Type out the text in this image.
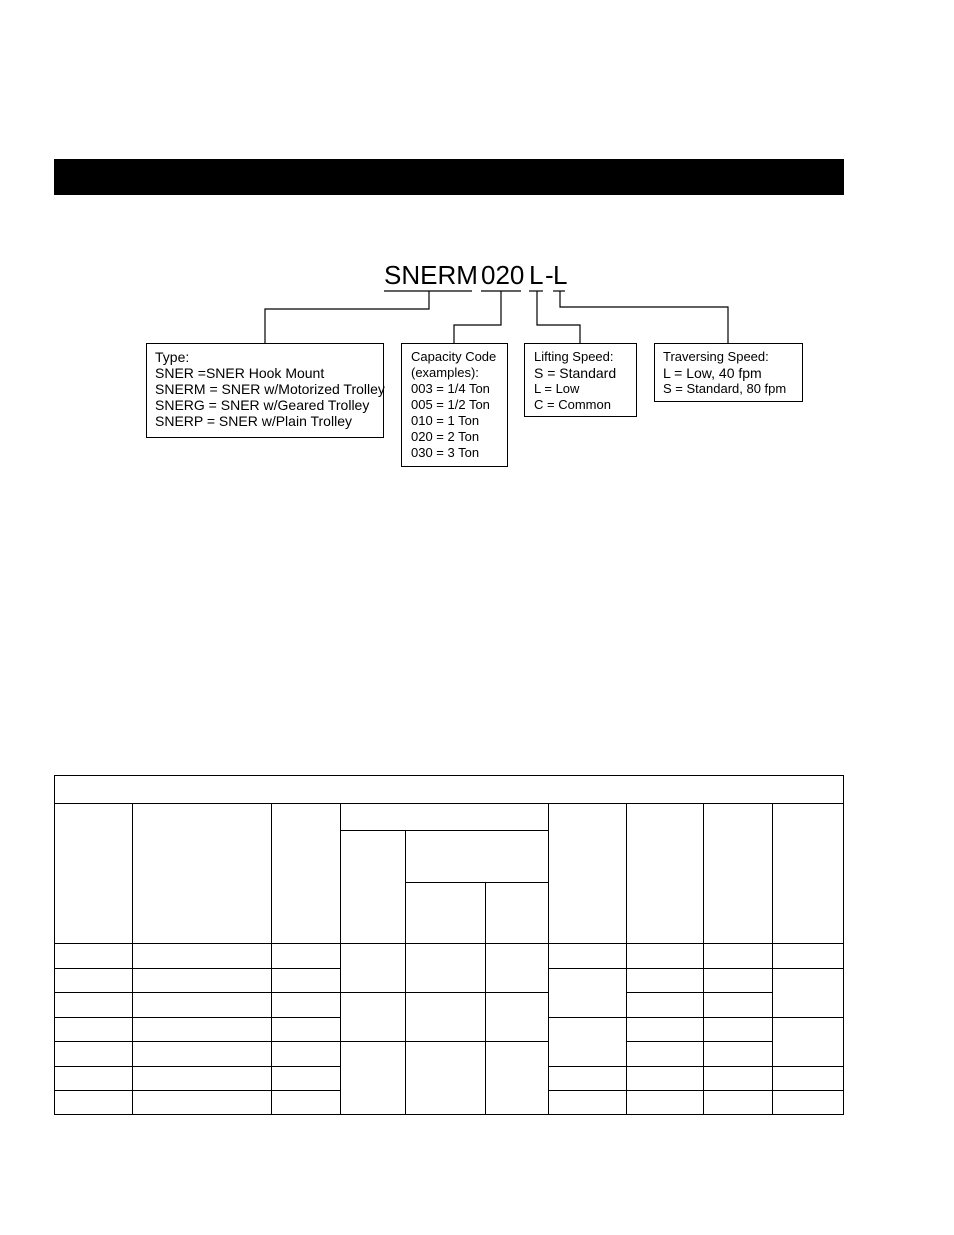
SNERM 020 L - L
Type:
SNER =SNER Hook Mount
SNERM = SNER w/Motorized Trolley
SNERG = SNER w/Geared Trolley
SNERP = SNER w/Plain Trolley
Capacity Code
(examples):
003 = 1/4 Ton
005 = 1/2 Ton
010 = 1 Ton
020 = 2 Ton
030 = 3 Ton
Lifting Speed:
S = Standard
L = Low
C = Common
Traversing Speed:
L = Low, 40 fpm
S = Standard, 80 fpm
